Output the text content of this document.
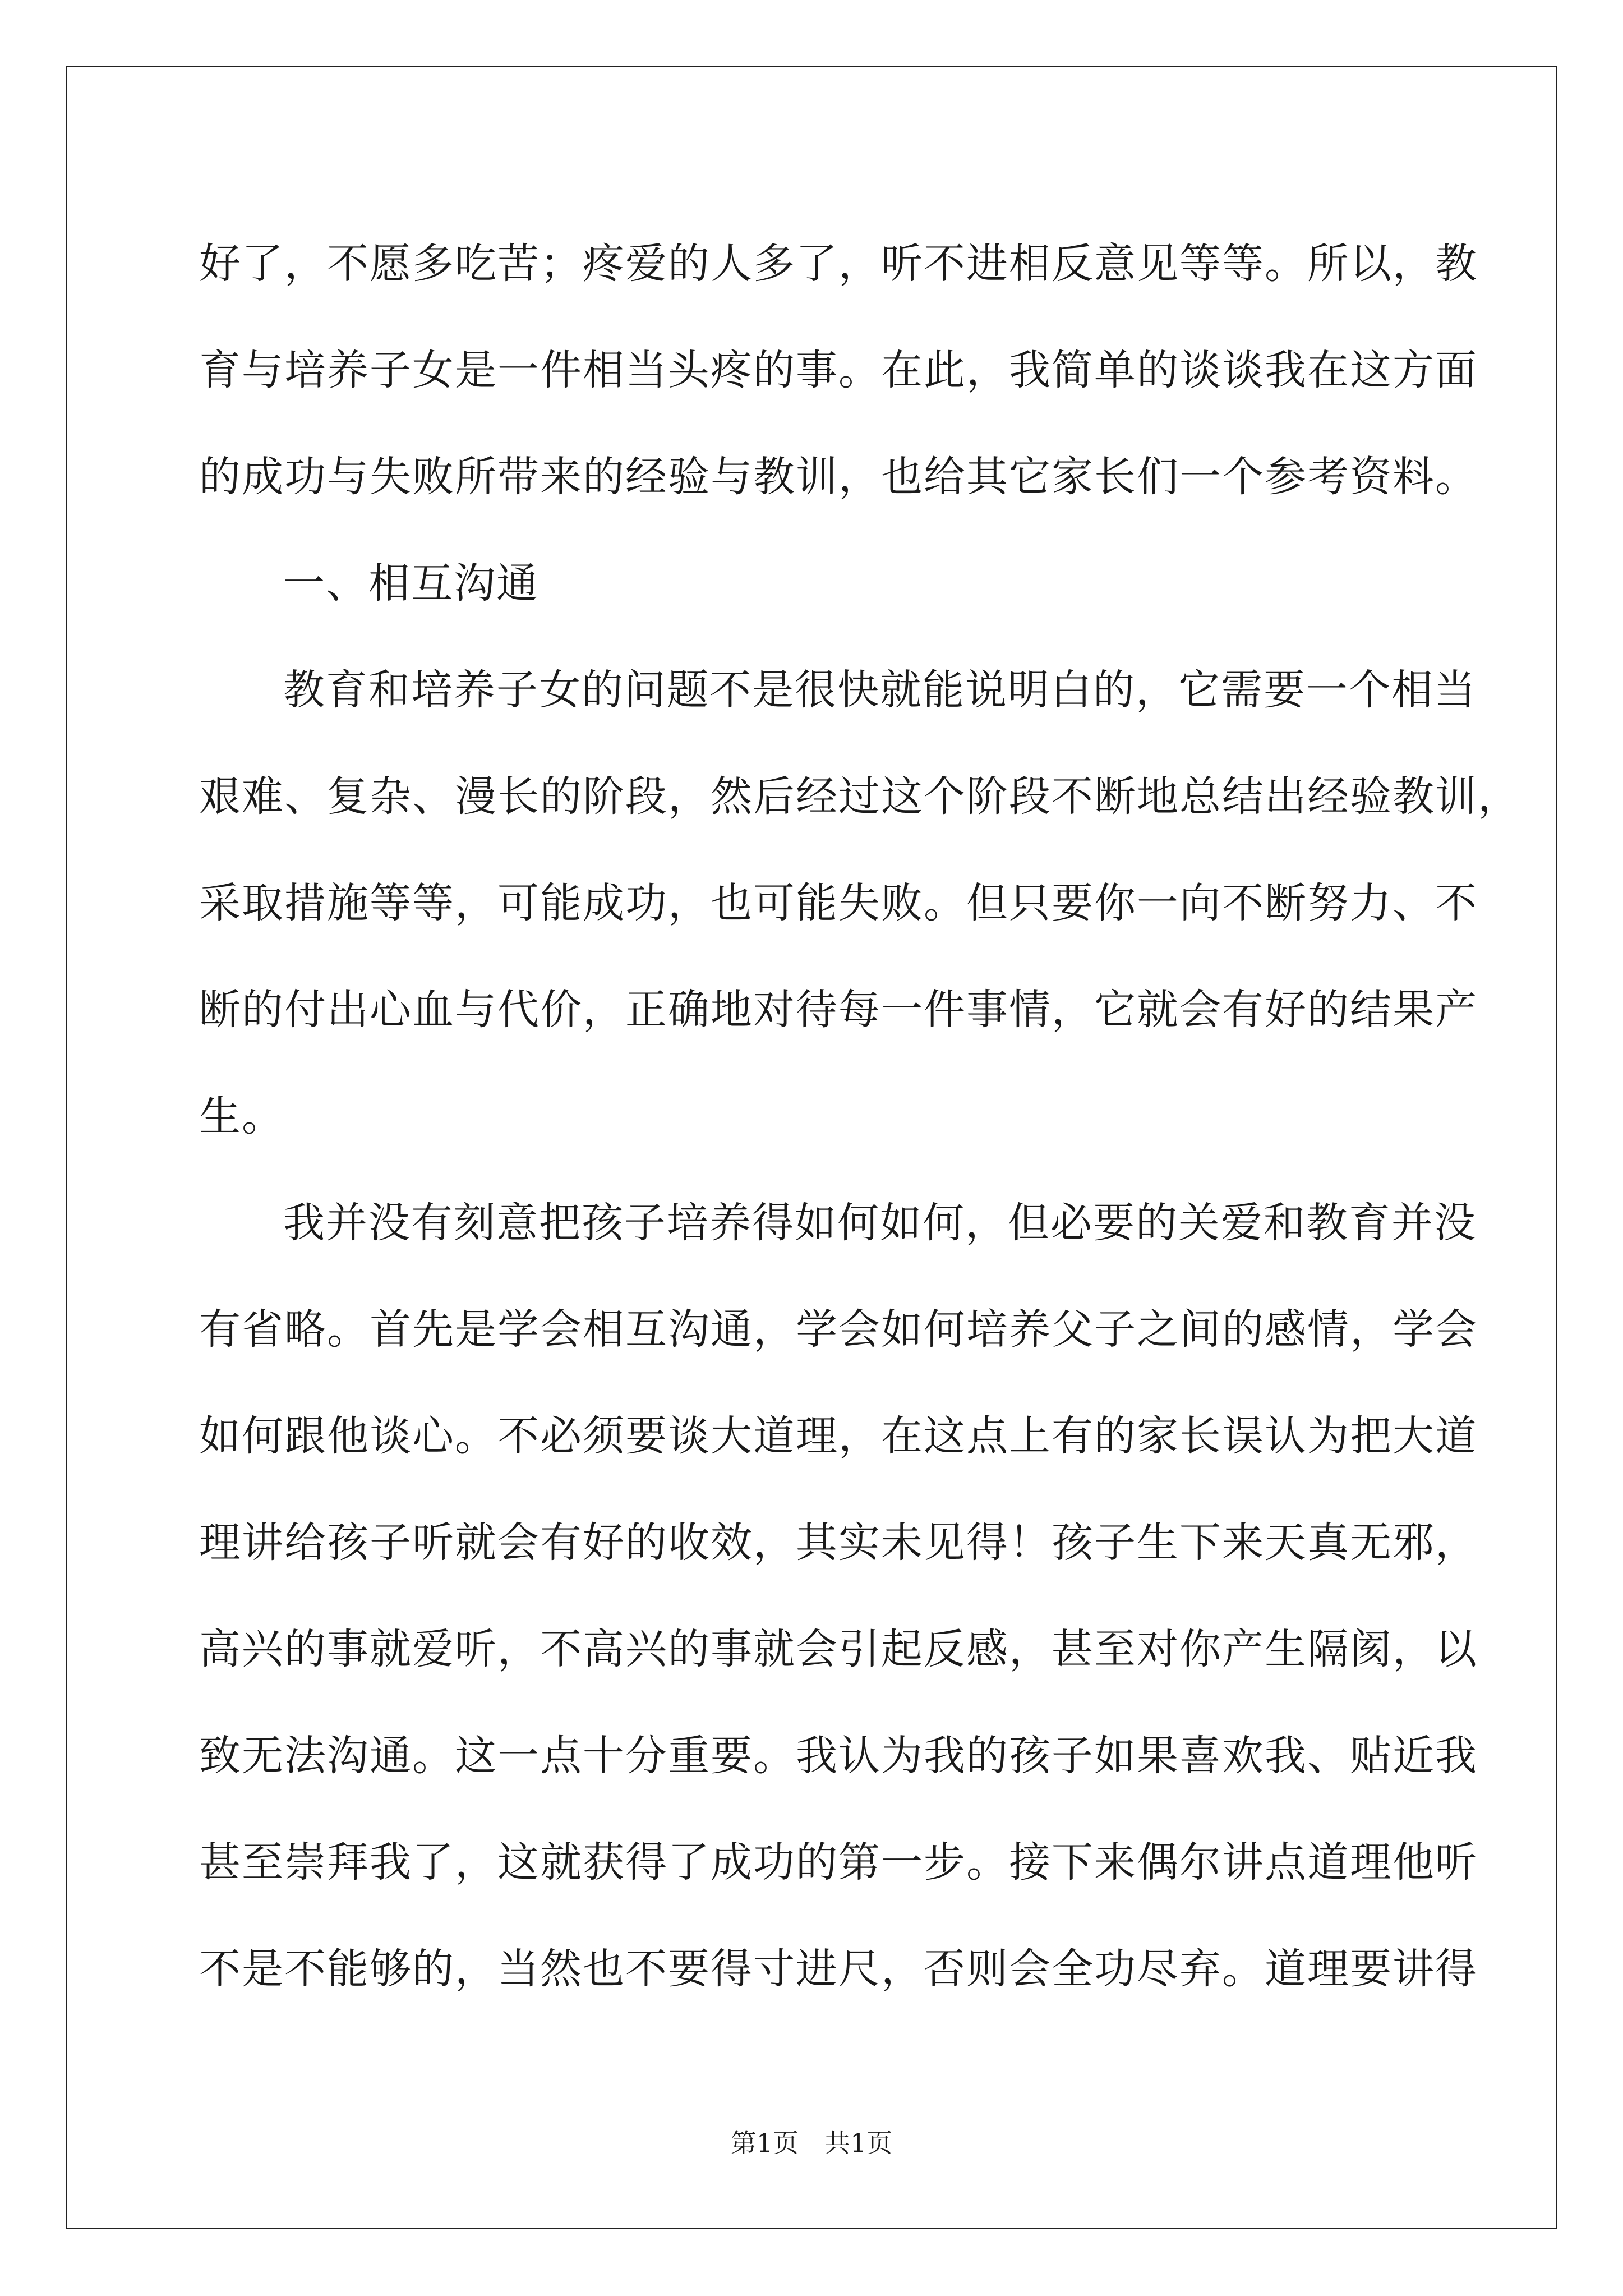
好了，不愿多吃苦；疼爱的人多了，听不进相反意见等等。所以，教
育与培养子女是一件相当头疼的事。在此，我简单的谈谈我在这方面
的成功与失败所带来的经验与教训，也给其它家长们一个参考资料。
一、相互沟通
教育和培养子女的问题不是很快就能说明白的，它需要一个相当
艰难、复杂、漫长的阶段，然后经过这个阶段不断地总结出经验教训，
采取措施等等，可能成功，也可能失败。但只要你一向不断努力、不
断的付出心血与代价，正确地对待每一件事情，它就会有好的结果产
生。
我并没有刻意把孩子培养得如何如何，但必要的关爱和教育并没
有省略。首先是学会相互沟通，学会如何培养父子之间的感情，学会
如何跟他谈心。不必须要谈大道理，在这点上有的家长误认为把大道
理讲给孩子听就会有好的收效，其实未见得！孩子生下来天真无邪，
高兴的事就爱听，不高兴的事就会引起反感，甚至对你产生隔阂，以
致无法沟通。这一点十分重要。我认为我的孩子如果喜欢我、贴近我
甚至崇拜我了，这就获得了成功的第一步。接下来偶尔讲点道理他听
不是不能够的，当然也不要得寸进尺，否则会全功尽弃。道理要讲得
第1页 共1页
